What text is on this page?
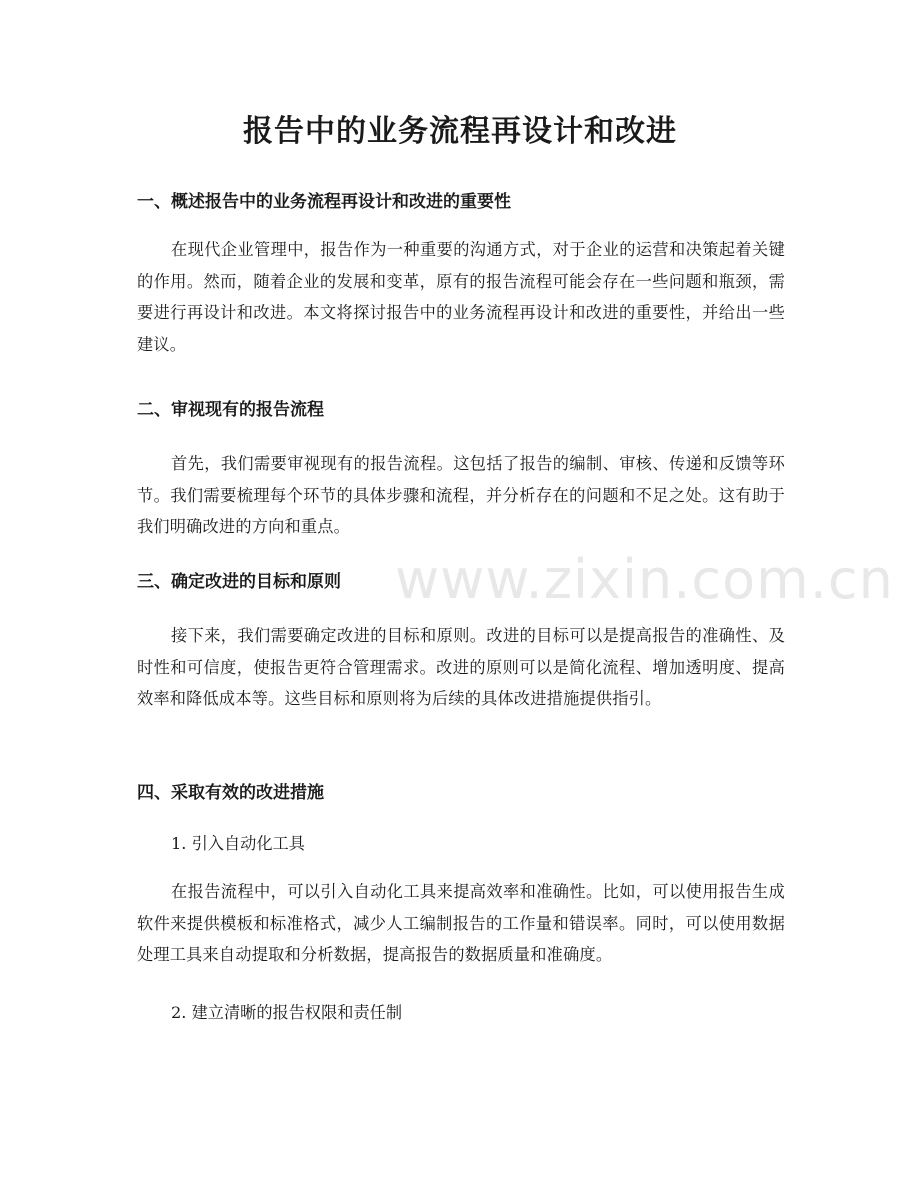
报告中的业务流程再设计和改进
一、概述报告中的业务流程再设计和改进的重要性

在现代企业管理中，报告作为一种重要的沟通方式，对于企业的运营和决策起着关键的作用。然而，随着企业的发展和变革，原有的报告流程可能会存在一些问题和瓶颈，需要进行再设计和改进。本文将探讨报告中的业务流程再设计和改进的重要性，并给出一些建议。

二、审视现有的报告流程

首先，我们需要审视现有的报告流程。这包括了报告的编制、审核、传递和反馈等环节。我们需要梳理每个环节的具体步骤和流程，并分析存在的问题和不足之处。这有助于我们明确改进的方向和重点。

三、确定改进的目标和原则

接下来，我们需要确定改进的目标和原则。改进的目标可以是提高报告的准确性、及时性和可信度，使报告更符合管理需求。改进的原则可以是简化流程、增加透明度、提高效率和降低成本等。这些目标和原则将为后续的具体改进措施提供指引。

四、采取有效的改进措施

1. 引入自动化工具

在报告流程中，可以引入自动化工具来提高效率和准确性。比如，可以使用报告生成软件来提供模板和标准格式，减少人工编制报告的工作量和错误率。同时，可以使用数据处理工具来自动提取和分析数据，提高报告的数据质量和准确度。

2. 建立清晰的报告权限和责任制

www.zixin.com.cn
